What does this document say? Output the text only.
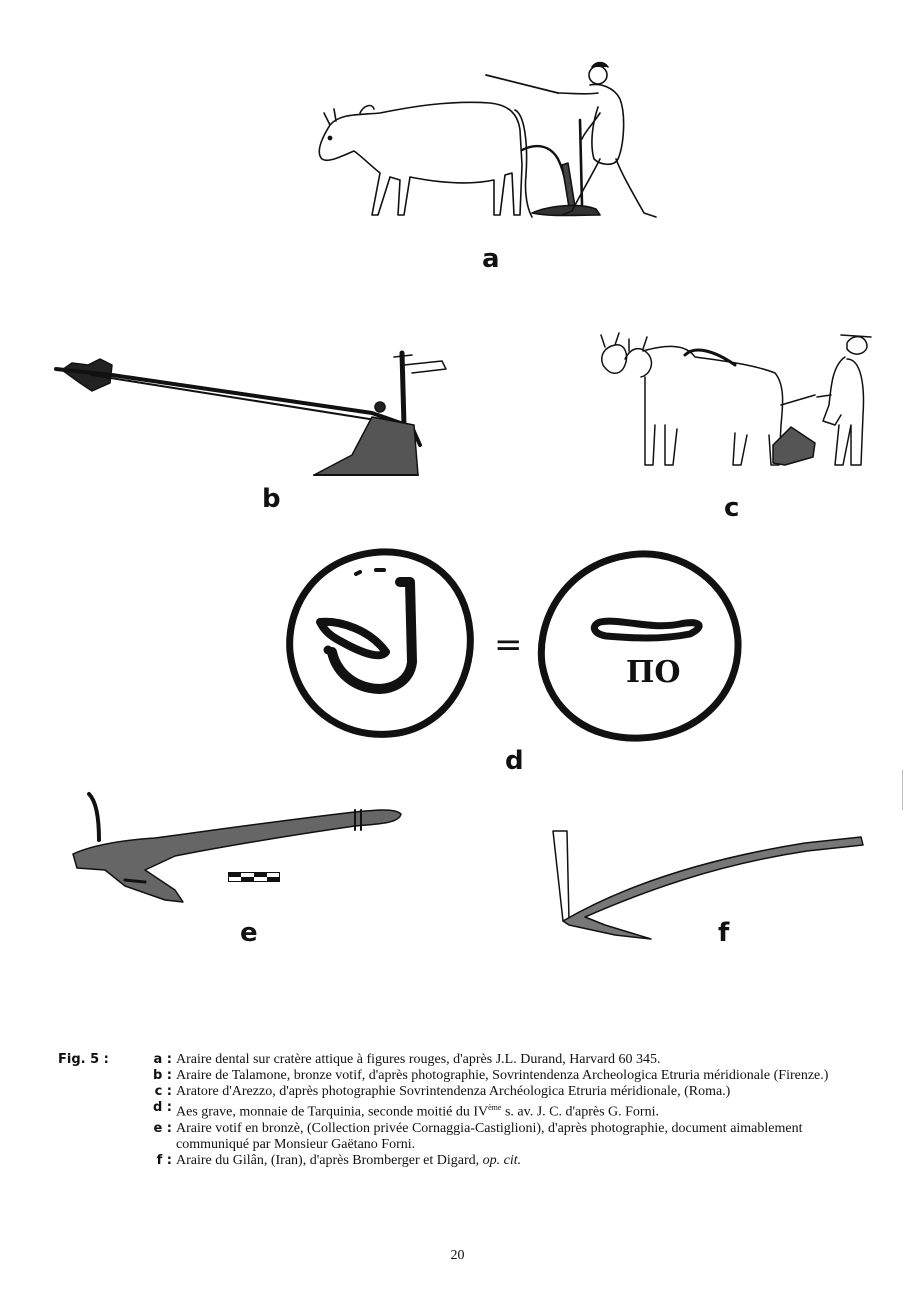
a
b	c
=
ПО
d
e	f
Fig. 5 :	a : Araire dental sur cratère attique à figures rouges, d'après J.L. Durand, Harvard 60 345.
b : Araire de Talamone, bronze votif, d'après photographie, Sovrintendenza Archeologica Etruria méridionale (Firenze.)
c : Aratore d'Arezzo, d'après photographie Sovrintendenza Archéologica Etruria méridionale, (Roma.)
d : Aes grave, monnaie de Tarquinia, seconde moitié du IVème s. av. J. C. d'après G. Forni.
e : Araire votif en bronzè, (Collection privée Cornaggia-Castiglioni), d'après photographie, document aimablement communiqué par Monsieur Gaëtano Forni.
f : Araire du Gilân, (Iran), d'après Bromberger et Digard, op. cit.
20
